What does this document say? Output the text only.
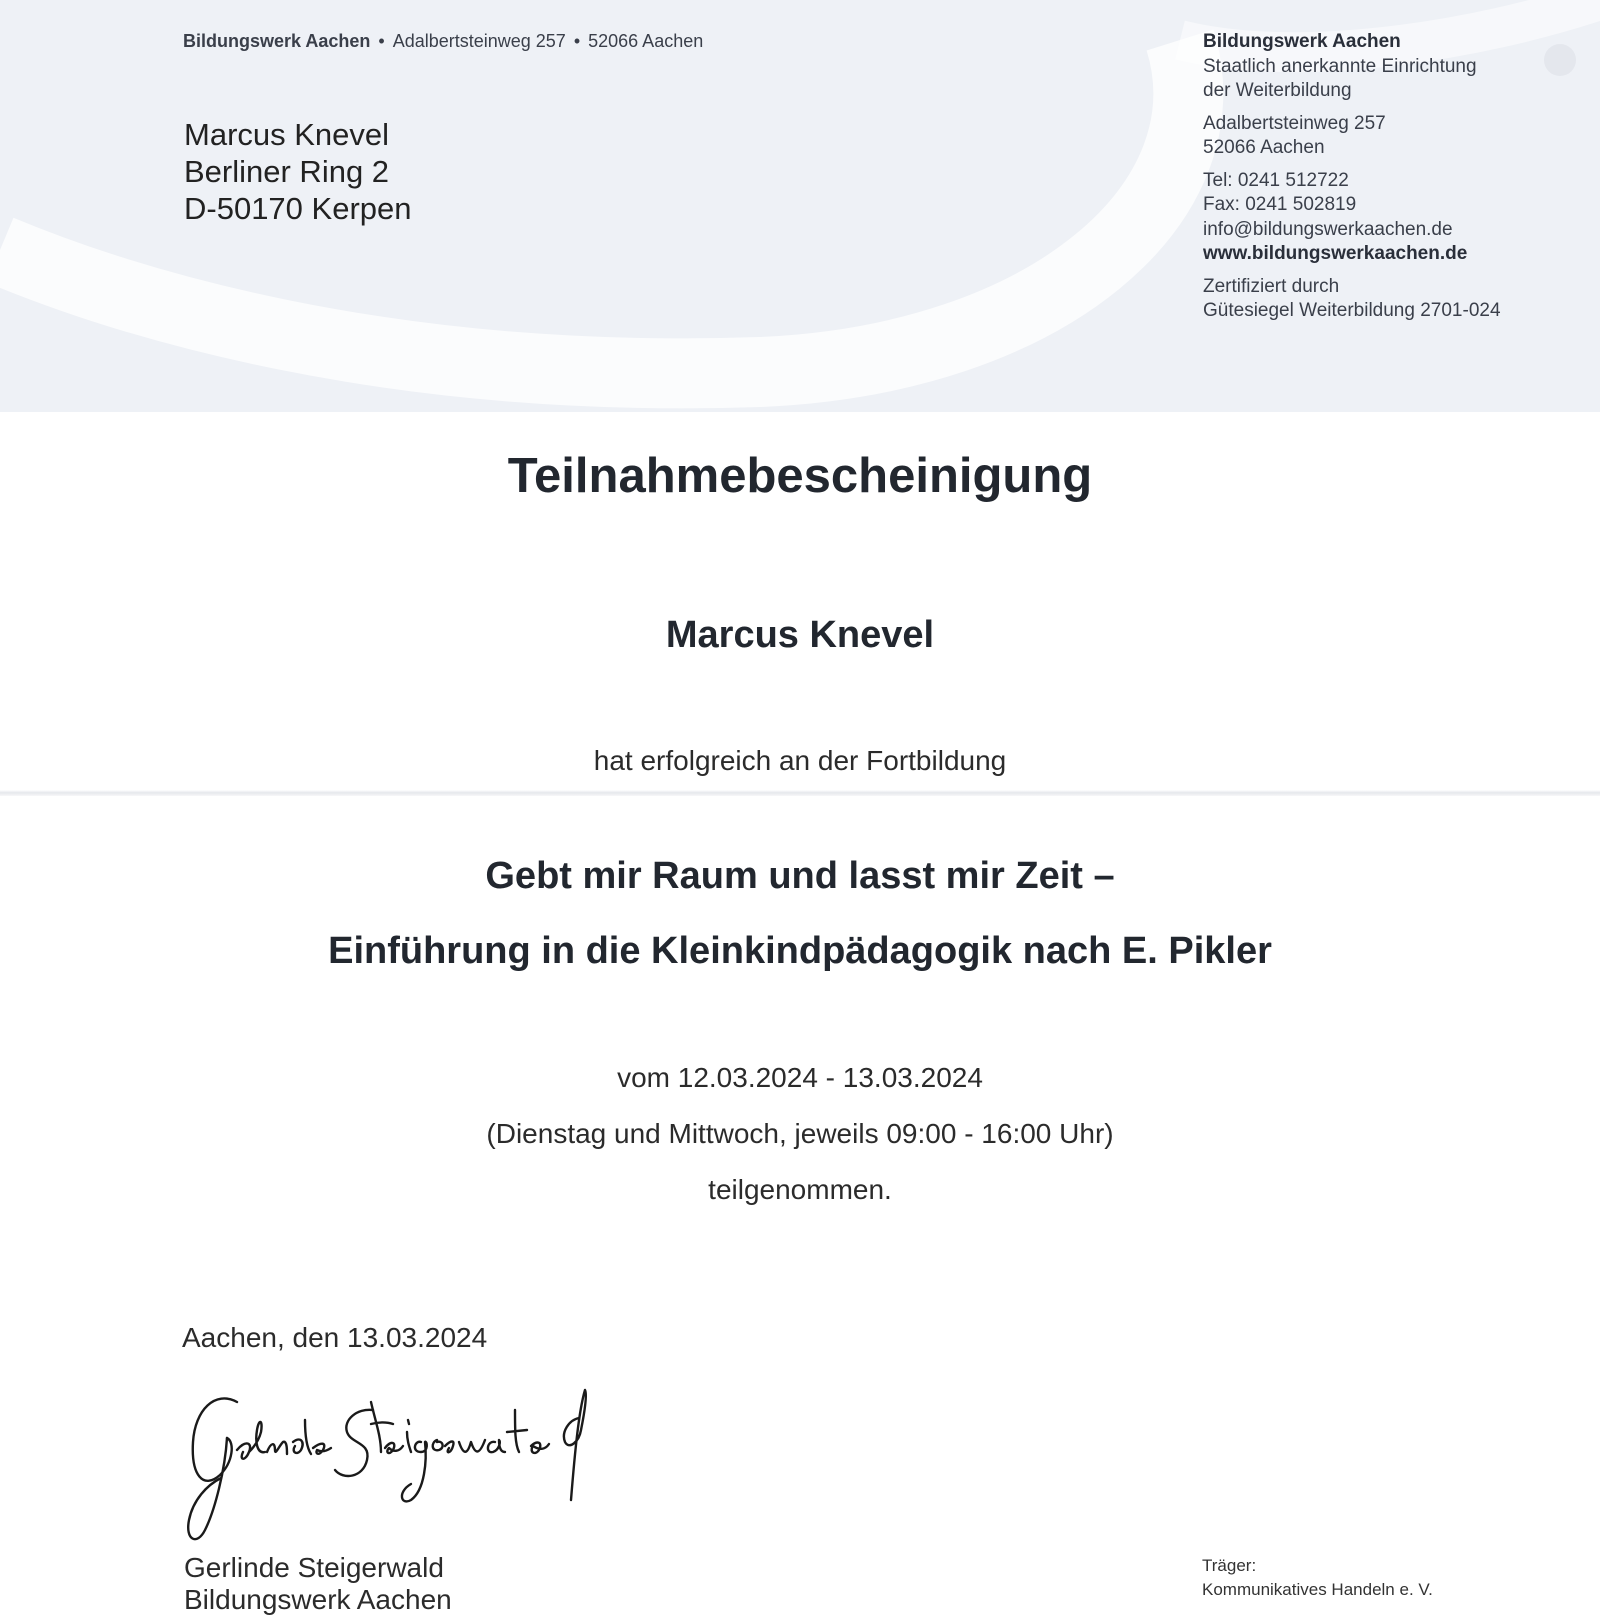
Bildungswerk Aachen • Adalbertsteinweg 257 • 52066 Aachen
Marcus Knevel
Berliner Ring 2
D-50170 Kerpen
Bildungswerk Aachen
Staatlich anerkannte Einrichtung
der Weiterbildung
Adalbertsteinweg 257
52066 Aachen
Tel: 0241 512722
Fax: 0241 502819
info@bildungswerkaachen.de
www.bildungswerkaachen.de
Zertifiziert durch
Gütesiegel Weiterbildung 2701-024
Teilnahmebescheinigung
Marcus Knevel
hat erfolgreich an der Fortbildung
Gebt mir Raum und lasst mir Zeit –
Einführung in die Kleinkindpädagogik nach E. Pikler
vom 12.03.2024 - 13.03.2024
(Dienstag und Mittwoch, jeweils 09:00 - 16:00 Uhr)
teilgenommen.
Aachen, den 13.03.2024
Gerlinde Steigerwald
Bildungswerk Aachen
Träger:
Kommunikatives Handeln e. V.
